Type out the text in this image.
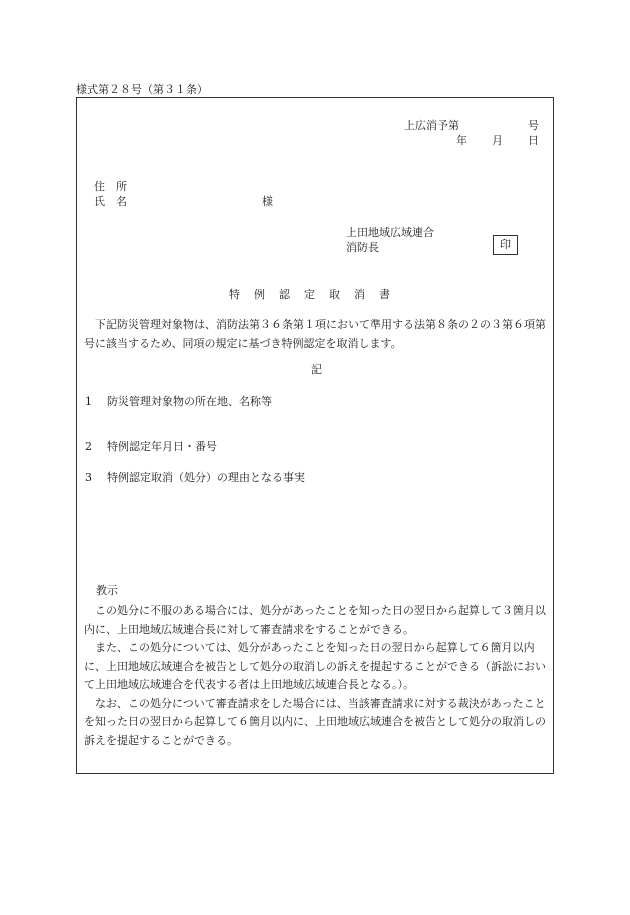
様式第２８号（第３１条）
上広消予第	号
年 月 日
住　所
氏　名	様
上田地域広域連合
消防長	印
特例認定取消書
下記防災管理対象物は、消防法第３６条第１項において準用する法第８条の２の３第６項第　号に該当するため、同項の規定に基づき特例認定を取消します。
記
1 防災管理対象物の所在地、名称等
2 特例認定年月日・番号
3 特例認定取消（処分）の理由となる事実
教示

この処分に不服のある場合には、処分があったことを知った日の翌日から起算して３箇月以内に、上田地域広域連合長に対して審査請求をすることができる。

また、この処分については、処分があったことを知った日の翌日から起算して６箇月以内に、上田地域広域連合を被告として処分の取消しの訴えを提起することができる（訴訟において上田地域広域連合を代表する者は上田地域広域連合長となる。）。

なお、この処分について審査請求をした場合には、当該審査請求に対する裁決があったことを知った日の翌日から起算して６箇月以内に、上田地域広域連合を被告として処分の取消しの訴えを提起することができる。
